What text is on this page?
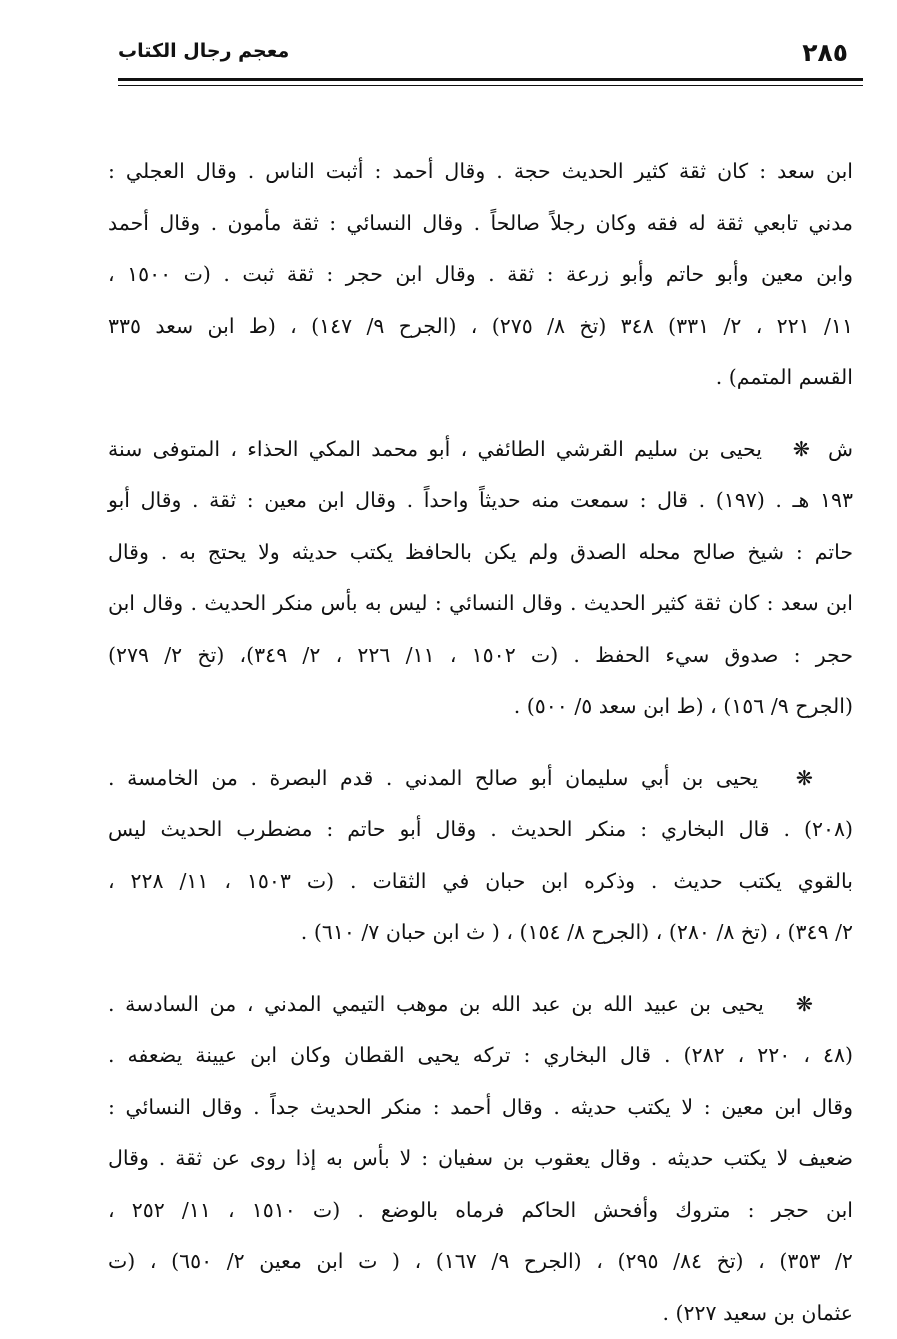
٢٨٥
معجم رجال الكتاب
ابن سعد : كان ثقة كثير الحديث حجة . وقال أحمد : أثبت الناس . وقال العجلي :
مدني تابعي ثقة له فقه وكان رجلاً صالحاً . وقال النسائي : ثقة مأمون . وقال أحمد
وابن معين وأبو حاتم وأبو زرعة : ثقة . وقال ابن حجر : ثقة ثبت . (ت ١٥٠٠ ،
١١/ ٢٢١ ، ٢/ ٣٣١) ٣٤٨ (تخ ٨/ ٢٧٥) ، (الجرح ٩/ ١٤٧) ، (ط ابن سعد ٣٣٥
القسم المتمم) .
ش❋   يحيى بن سليم القرشي الطائفي ، أبو محمد المكي الحذاء ، المتوفى سنة
١٩٣ هـ . (١٩٧) . قال : سمعت منه حديثاً واحداً . وقال ابن معين : ثقة . وقال أبو
حاتم : شيخ صالح محله الصدق ولم يكن بالحافظ يكتب حديثه ولا يحتج به . وقال
ابن سعد : كان ثقة كثير الحديث . وقال النسائي : ليس به بأس منكر الحديث . وقال ابن
حجر : صدوق سيء الحفظ . (ت ١٥٠٢ ، ١١/ ٢٢٦ ، ٢/ ٣٤٩)، (تخ ٢/ ٢٧٩)
(الجرح ٩/ ١٥٦) ، (ط ابن سعد ٥/ ٥٠٠) .
❋   يحيى بن أبي سليمان أبو صالح المدني . قدم البصرة . من الخامسة .
(٢٠٨) . قال البخاري : منكر الحديث . وقال أبو حاتم : مضطرب الحديث ليس
بالقوي يكتب حديث . وذكره ابن حبان في الثقات . (ت ١٥٠٣ ، ١١/ ٢٢٨ ،
٢/ ٣٤٩) ، (تخ ٨/ ٢٨٠) ، (الجرح ٨/ ١٥٤) ، ( ث ابن حبان ٧/ ٦١٠) .
❋   يحيى بن عبيد الله بن عبد الله بن موهب التيمي المدني ، من السادسة .
(٤٨ ، ٢٢٠ ، ٢٨٢) . قال البخاري : تركه يحيى القطان وكان ابن عيينة يضعفه .
وقال ابن معين : لا يكتب حديثه . وقال أحمد : منكر الحديث جداً . وقال النسائي :
ضعيف لا يكتب حديثه . وقال يعقوب بن سفيان : لا بأس به إذا روى عن ثقة . وقال
ابن حجر : متروك وأفحش الحاكم فرماه بالوضع . (ت ١٥١٠ ، ١١/ ٢٥٢ ،
٢/ ٣٥٣) ، (تخ ٨٤/ ٢٩٥) ، (الجرح ٩/ ١٦٧) ، ( ت ابن معين ٢/ ٦٥٠) ، (ت
عثمان بن سعيد ٢٢٧) .
